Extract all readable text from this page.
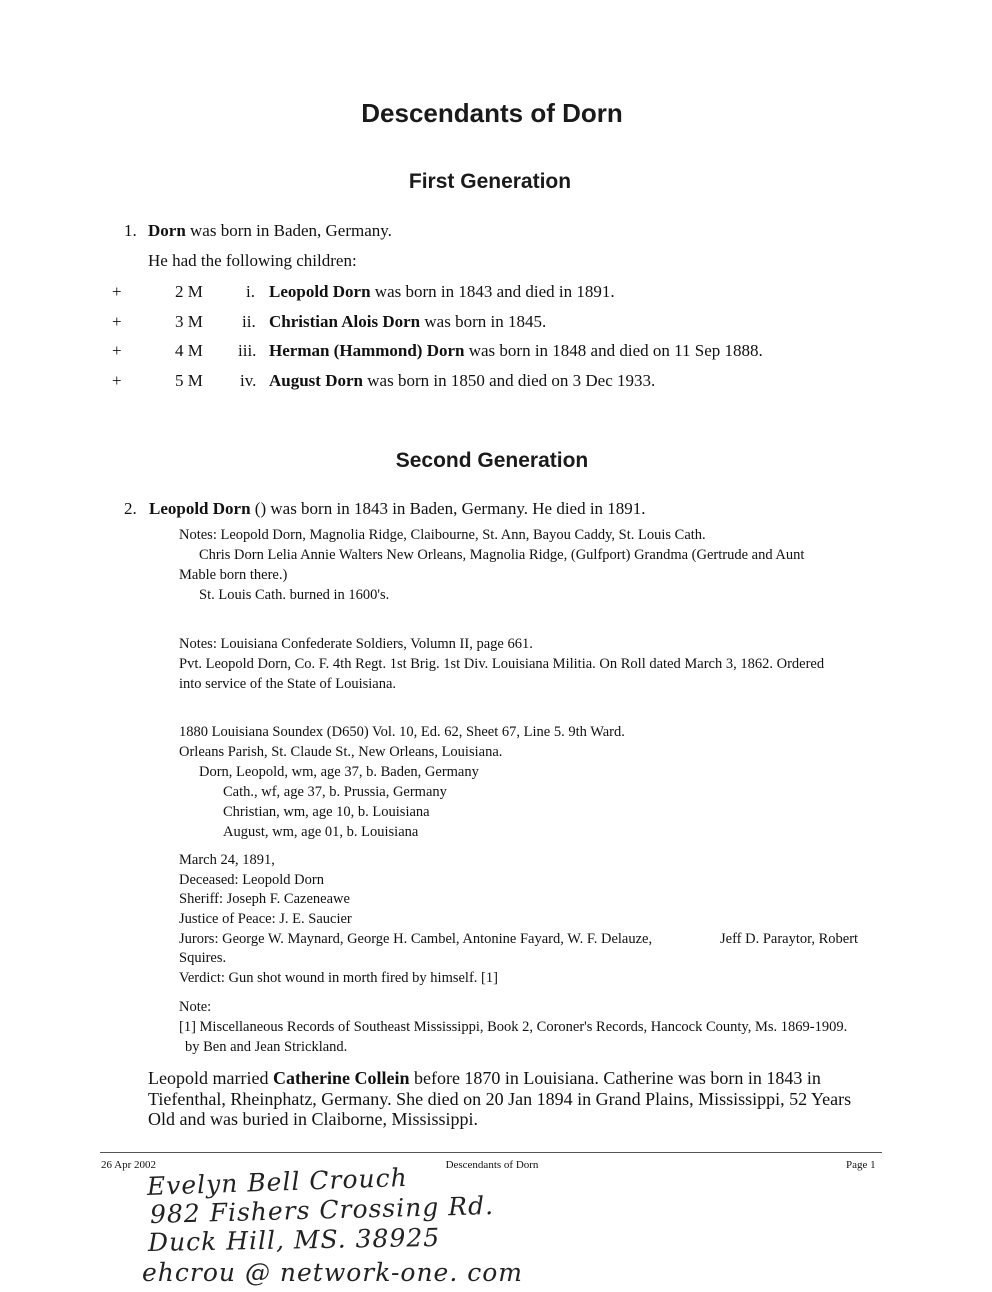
Descendants of Dorn
First Generation
1. Dorn was born in Baden, Germany.
He had the following children:
+	2 M	i. Leopold Dorn was born in 1843 and died in 1891.
+	3 M ii. Christian Alois Dorn was born in 1845.
+	4 M iii. Herman (Hammond) Dorn was born in 1848 and died on 11 Sep 1888.
+	5 M iv. August Dorn was born in 1850 and died on 3 Dec 1933.
Second Generation
2. Leopold Dorn () was born in 1843 in Baden, Germany. He died in 1891.
Notes: Leopold Dorn, Magnolia Ridge, Claibourne, St. Ann, Bayou Caddy, St. Louis Cath.
Chris Dorn Lelia Annie Walters New Orleans, Magnolia Ridge, (Gulfport) Grandma (Gertrude and Aunt
Mable born there.)
St. Louis Cath. burned in 1600's.
Notes: Louisiana Confederate Soldiers, Volumn II, page 661.
Pvt. Leopold Dorn, Co. F. 4th Regt. 1st Brig. 1st Div. Louisiana Militia. On Roll dated March 3, 1862. Ordered
into service of the State of Louisiana.
1880 Louisiana Soundex (D650) Vol. 10, Ed. 62, Sheet 67, Line 5. 9th Ward.
Orleans Parish, St. Claude St., New Orleans, Louisiana.
Dorn, Leopold, wm, age 37, b. Baden, Germany
Cath., wf, age 37, b. Prussia, Germany
Christian, wm, age 10, b. Louisiana
August, wm, age 01, b. Louisiana
March 24, 1891,
Deceased: Leopold Dorn
Sheriff: Joseph F. Cazeneawe
Justice of Peace: J. E. Saucier
Jurors: George W. Maynard, George H. Cambel, Antonine Fayard, W. F. Delauze,	Jeff D. Paraytor, Robert
Squires.
Verdict: Gun shot wound in morth fired by himself. [1]
Note:
[1] Miscellaneous Records of Southeast Mississippi, Book 2, Coroner's Records, Hancock County, Ms. 1869-1909.
by Ben and Jean Strickland.
Leopold married Catherine Collein before 1870 in Louisiana. Catherine was born in 1843 in
Tiefenthal, Rheinphatz, Germany. She died on 20 Jan 1894 in Grand Plains, Mississippi, 52 Years
Old and was buried in Claiborne, Mississippi.
26 Apr 2002	Descendants of Dorn	Page 1
Evelyn Bell Crouch
982 Fishers Crossing Rd.
Duck Hill, MS. 38925
ehcrou @ network-one. com
